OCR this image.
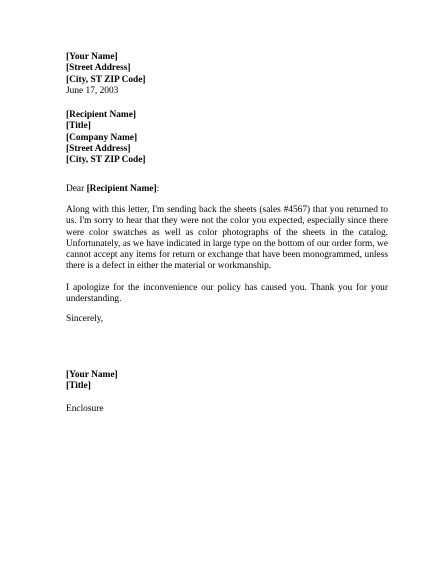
[Your Name]
[Street Address]
[City, ST ZIP Code]
June 17, 2003
[Recipient Name]
[Title]
[Company Name]
[Street Address]
[City, ST ZIP Code]
Dear [Recipient Name]:
Along with this letter, I'm sending back the sheets (sales #4567) that you returned to us. I'm sorry to hear that they were not the color you expected, especially since there were color swatches as well as color photographs of the sheets in the catalog. Unfortunately, as we have indicated in large type on the bottom of our order form, we cannot accept any items for return or exchange that have been monogrammed, unless there is a defect in either the material or workmanship.
I apologize for the inconvenience our policy has caused you. Thank you for your understanding.
Sincerely,
[Your Name]
[Title]
Enclosure
